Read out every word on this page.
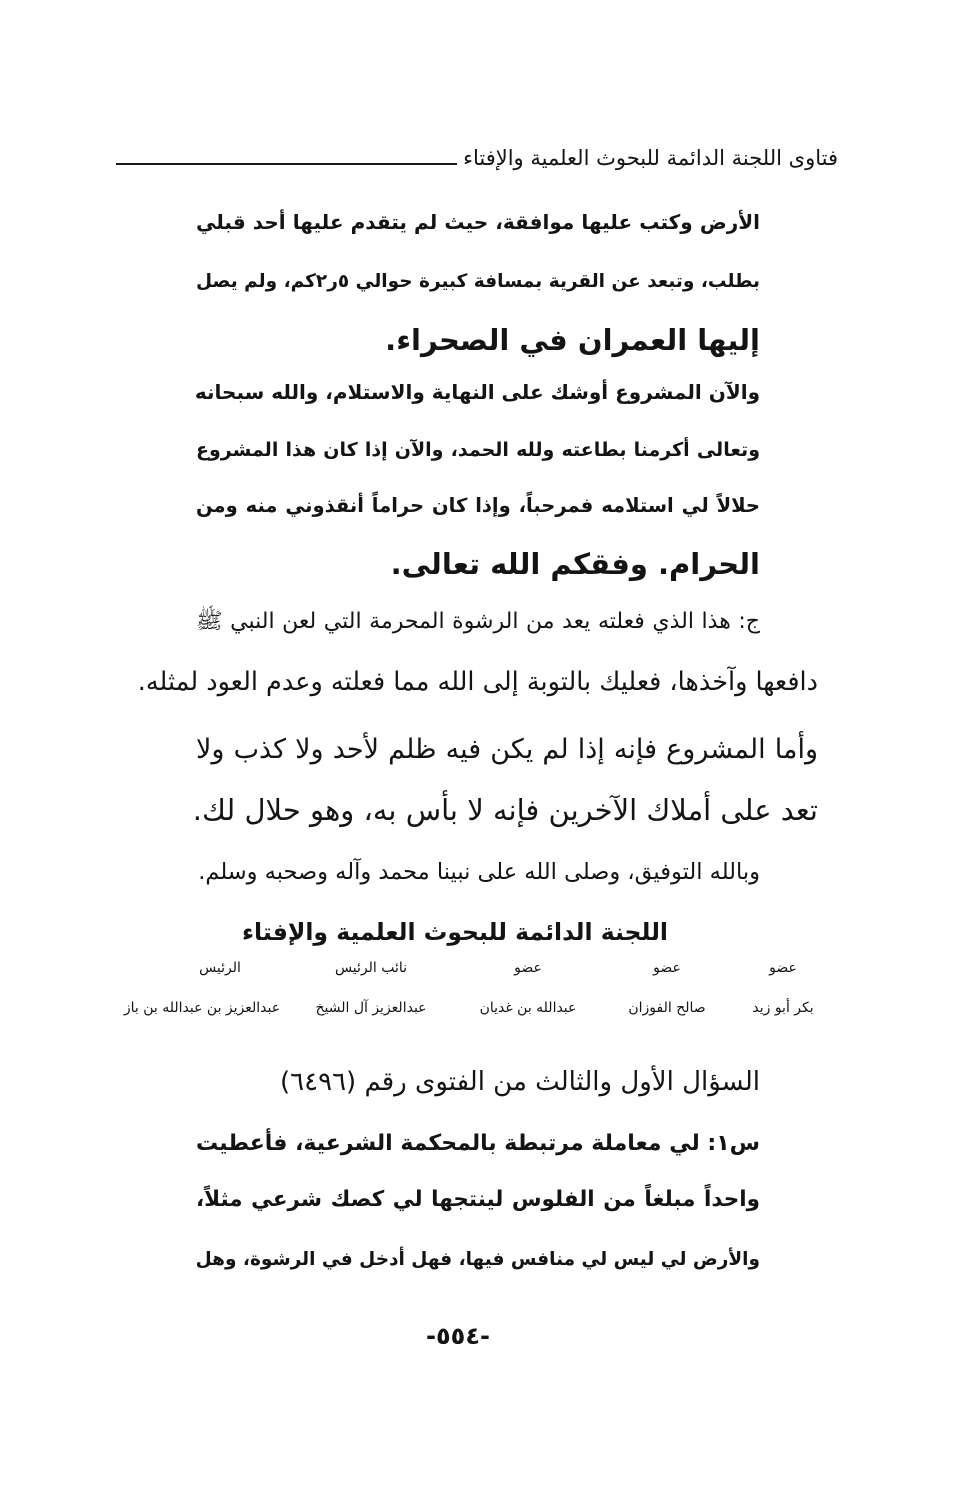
فتاوى اللجنة الدائمة للبحوث العلمية والإفتاء
الأرض وكتب عليها موافقة، حيث لم يتقدم عليها أحد قبلي
بطلب، وتبعد عن القرية بمسافة كبيرة حوالي ٥ر٢كم، ولم يصل
إليها العمران في الصحراء.
والآن المشروع أوشك على النهاية والاستلام، والله سبحانه
وتعالى أكرمنا بطاعته ولله الحمد، والآن إذا كان هذا المشروع
حلالاً لي استلامه فمرحباً، وإذا كان حراماً أنقذوني منه ومن
الحرام. وفقكم الله تعالى.
ج: هذا الذي فعلته يعد من الرشوة المحرمة التي لعن النبي ﷺ
دافعها وآخذها، فعليك بالتوبة إلى الله مما فعلته وعدم العود لمثله.
وأما المشروع فإنه إذا لم يكن فيه ظلم لأحد ولا كذب ولا
تعد على أملاك الآخرين فإنه لا بأس به، وهو حلال لك.
وبالله التوفيق، وصلى الله على نبينا محمد وآله وصحبه وسلم.
اللجنة الدائمة للبحوث العلمية والإفتاء
عضو
عضو
عضو
نائب الرئيس
الرئيس
بكر أبو زيد
صالح الفوزان
عبدالله بن غديان
عبدالعزيز آل الشيخ
عبدالعزيز بن عبدالله بن باز
السؤال الأول والثالث من الفتوى رقم (٦٤٩٦)
س١: لي معاملة مرتبطة بالمحكمة الشرعية، فأعطيت
واحداً مبلغاً من الفلوس لينتجها لي كصك شرعي مثلاً،
والأرض لي ليس لي منافس فيها، فهل أدخل في الرشوة، وهل
-٥٥٤-
